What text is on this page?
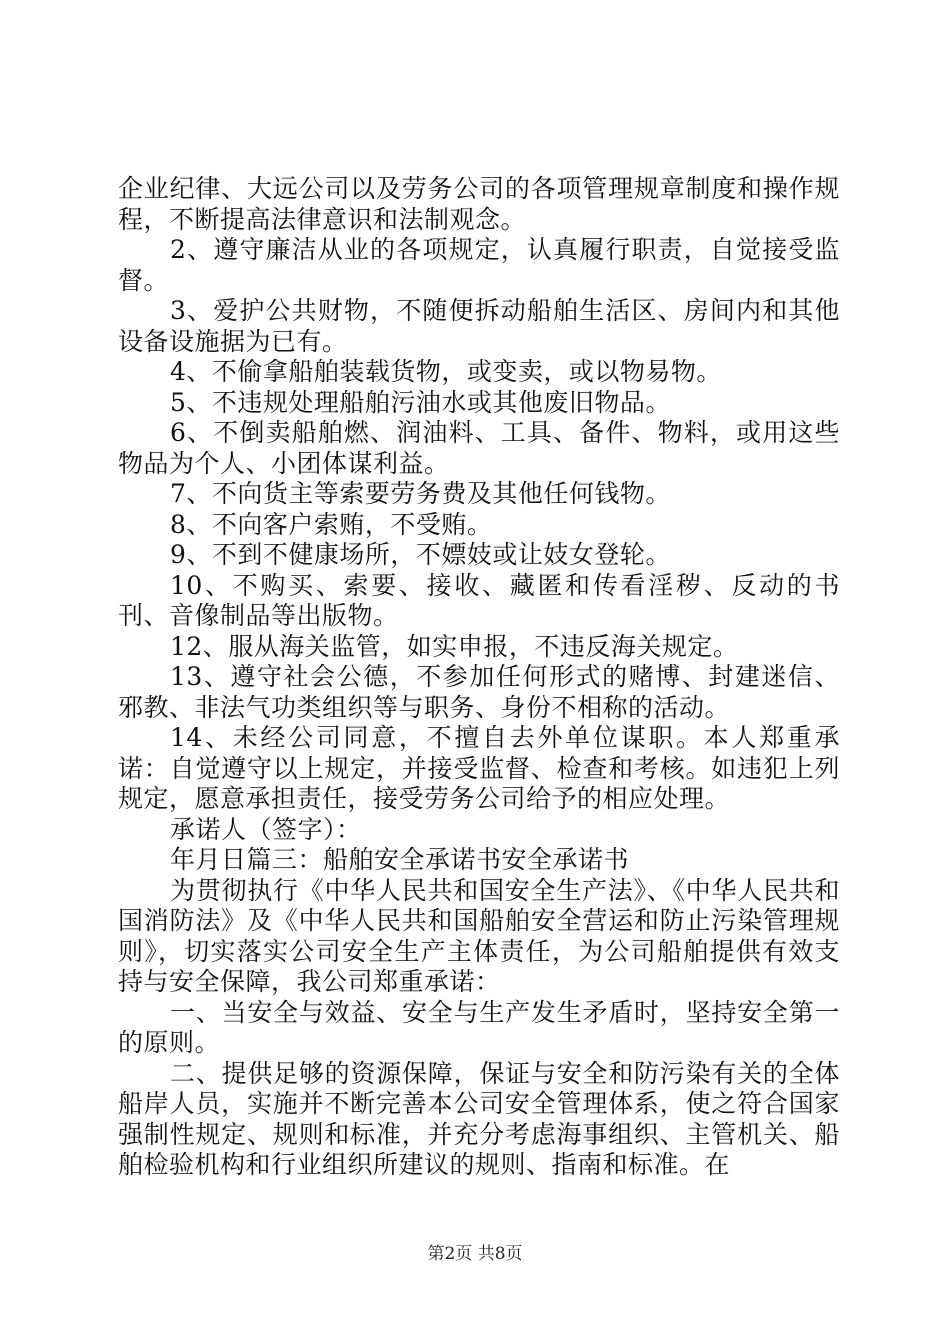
企业纪律、大远公司以及劳务公司的各项管理规章制度和操作规程，不断提高法律意识和法制观念。

2、遵守廉洁从业的各项规定，认真履行职责，自觉接受监督。

3、爱护公共财物，不随便拆动船舶生活区、房间内和其他设备设施据为已有。

4、不偷拿船舶装载货物，或变卖，或以物易物。

5、不违规处理船舶污油水或其他废旧物品。

6、不倒卖船舶燃、润油料、工具、备件、物料，或用这些物品为个人、小团体谋利益。

7、不向货主等索要劳务费及其他任何钱物。

8、不向客户索贿，不受贿。

9、不到不健康场所，不嫖妓或让妓女登轮。

10、不购买、索要、接收、藏匿和传看淫秽、反动的书刊、音像制品等出版物。

12、服从海关监管，如实申报，不违反海关规定。

13、遵守社会公德，不参加任何形式的赌博、封建迷信、邪教、非法气功类组织等与职务、身份不相称的活动。

14、未经公司同意，不擅自去外单位谋职。本人郑重承诺：自觉遵守以上规定，并接受监督、检查和考核。如违犯上列规定，愿意承担责任，接受劳务公司给予的相应处理。

承诺人（签字）：

年月日篇三：船舶安全承诺书安全承诺书

为贯彻执行《中华人民共和国安全生产法》、《中华人民共和国消防法》及《中华人民共和国船舶安全营运和防止污染管理规则》，切实落实公司安全生产主体责任，为公司船舶提供有效支持与安全保障，我公司郑重承诺：

一、当安全与效益、安全与生产发生矛盾时，坚持安全第一的原则。

二、提供足够的资源保障，保证与安全和防污染有关的全体船岸人员，实施并不断完善本公司安全管理体系，使之符合国家强制性规定、规则和标准，并充分考虑海事组织、主管机关、船舶检验机构和行业组织所建议的规则、指南和标准。在

第2页 共8页
